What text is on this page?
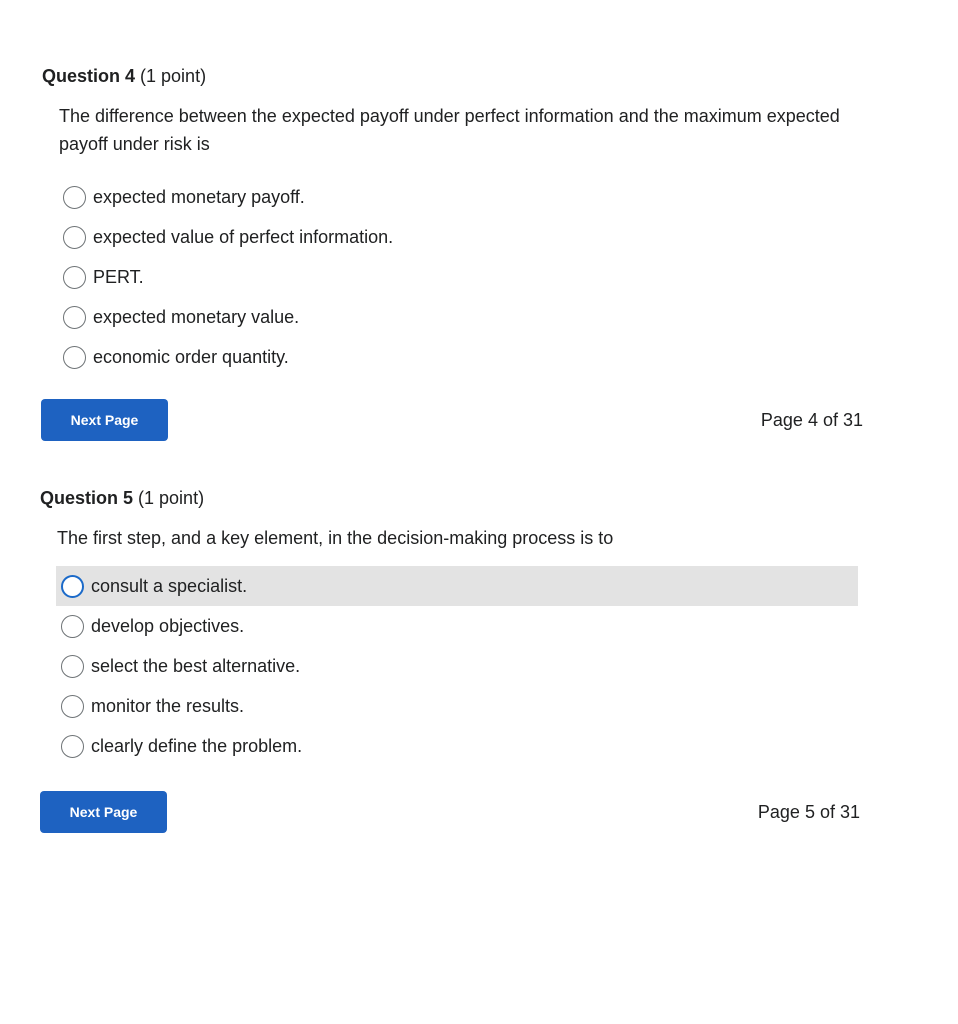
Question 4 (1 point)
The difference between the expected payoff under perfect information and the maximum expected payoff under risk is
expected monetary payoff.
expected value of perfect information.
PERT.
expected monetary value.
economic order quantity.
Next Page	Page 4 of 31
Question 5 (1 point)
The first step, and a key element, in the decision-making process is to
consult a specialist.
develop objectives.
select the best alternative.
monitor the results.
clearly define the problem.
Next Page	Page 5 of 31
